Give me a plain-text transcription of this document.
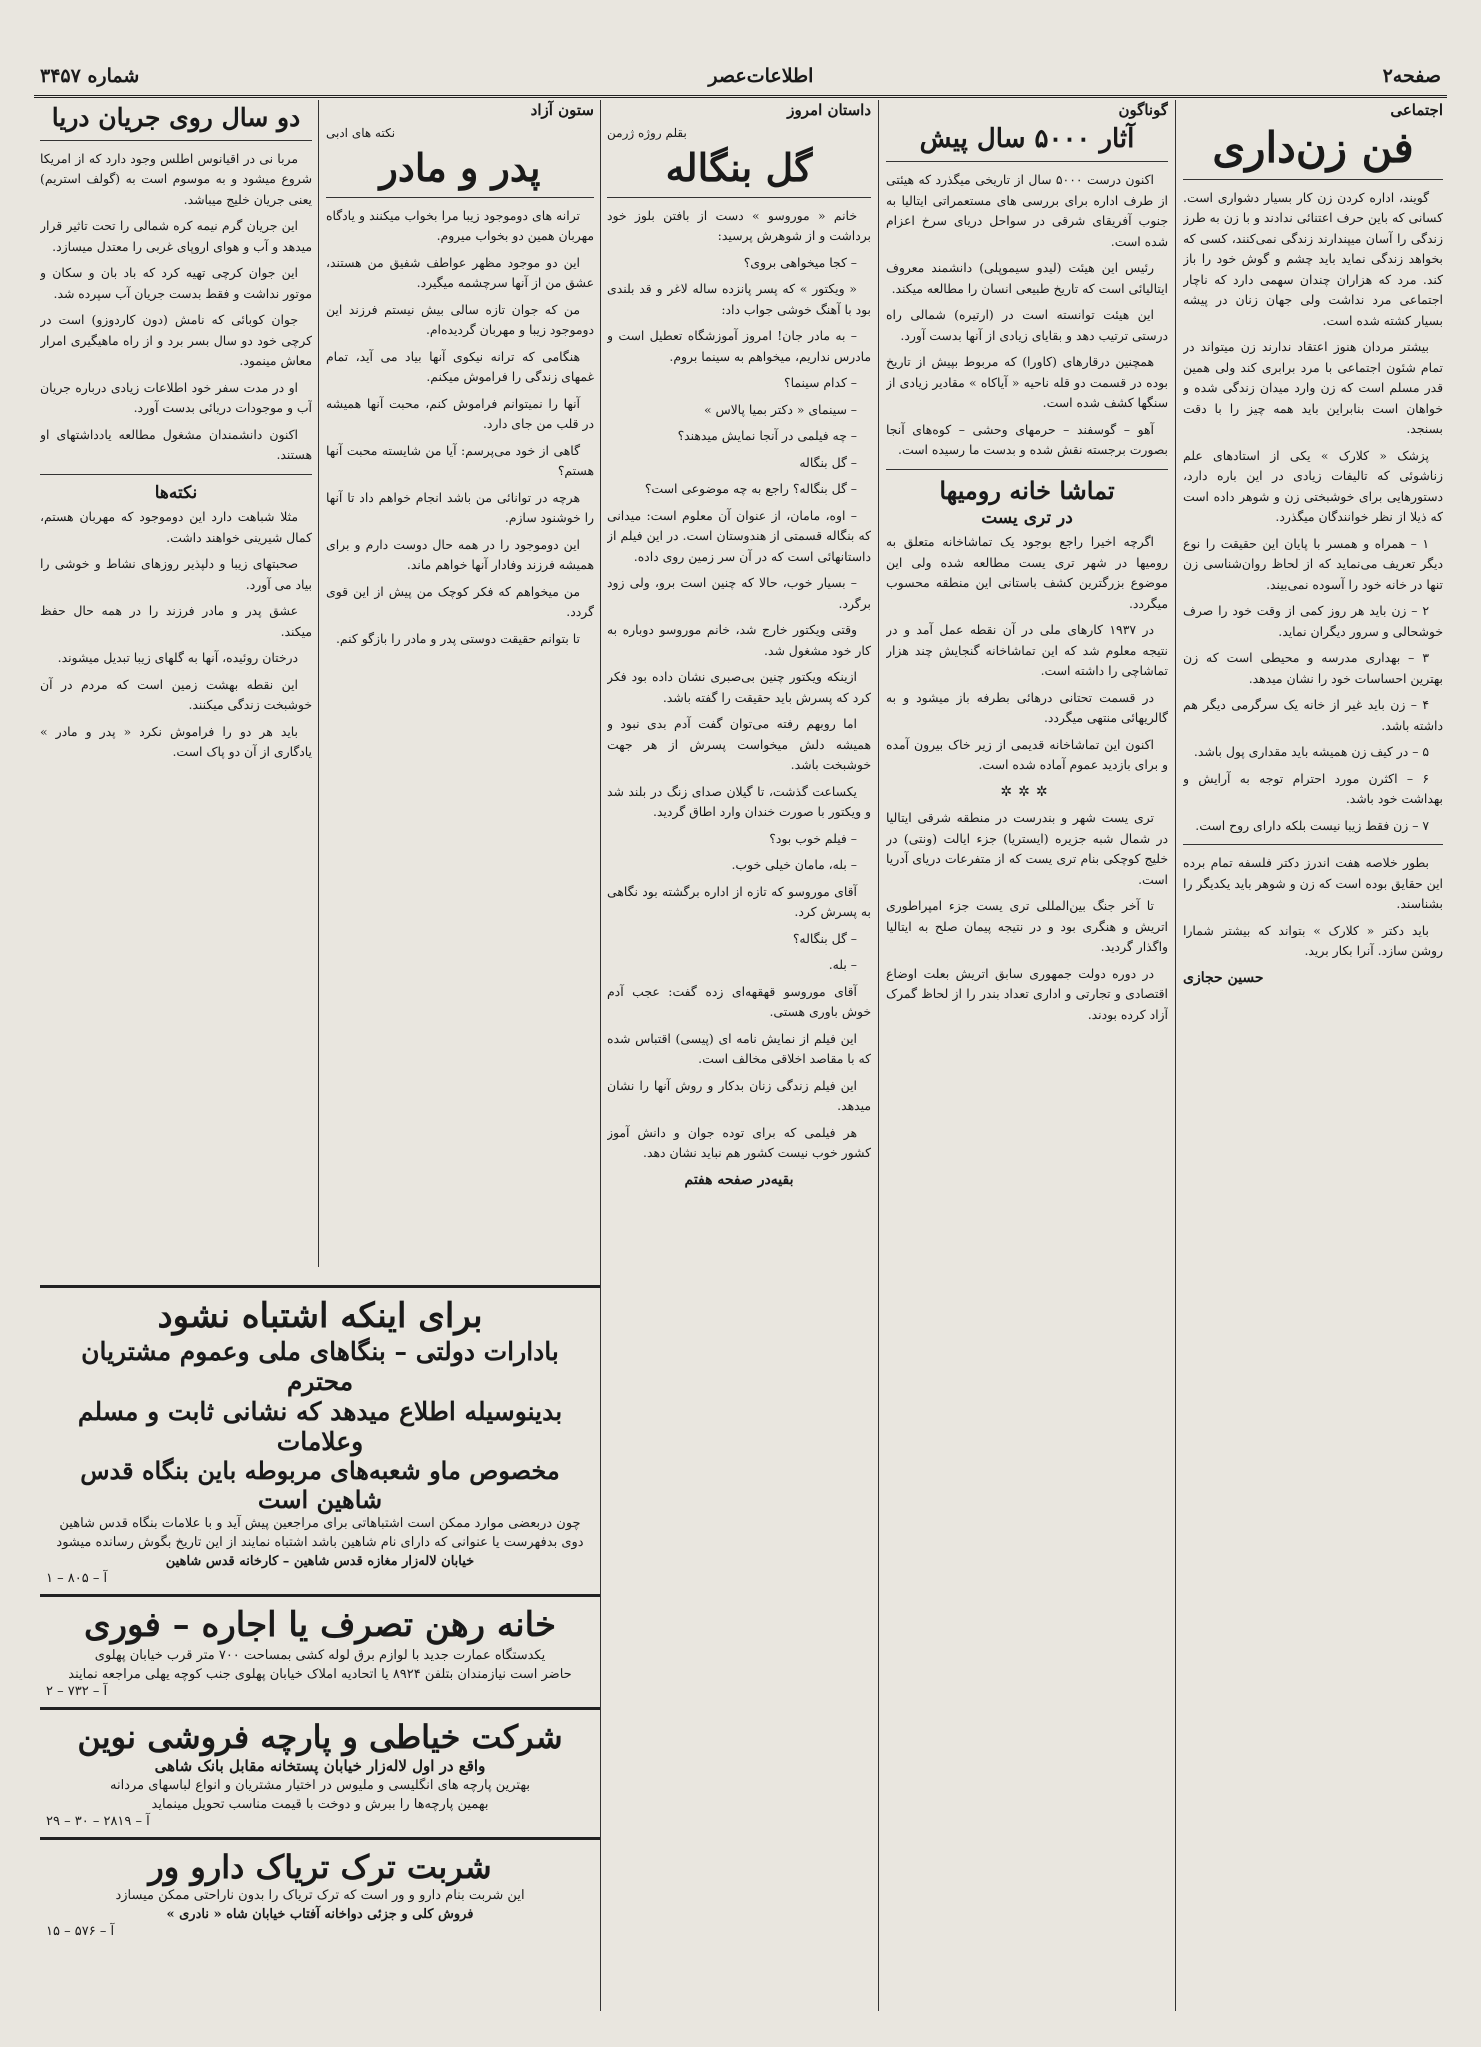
صفحه۲
اطلاعات‌عصر
شماره ۳۴۵۷
اجتماعی
فن زن‌داری

گویند، اداره کردن زن کار بسیار دشواری است. کسانی که باین حرف اعتنائی ندادند و با زن به طرز زندگی را آسان میپندارند زندگی نمی‌کنند، کسی که بخواهد زندگی نماید باید چشم و گوش خود را باز کند. مرد که هزاران چندان سهمی دارد که ناچار اجتماعی مرد نداشت ولی جهان زنان در پیشه بسیار کشته شده است.

بیشتر مردان هنوز اعتقاد ندارند زن میتواند در تمام شئون اجتماعی با مرد برابری کند ولی همین قدر مسلم است که زن وارد میدان زندگی شده و خواهان است بنابراین باید همه چیز را با دقت بسنجد.

پزشک « کلارک » یکی از استادهای علم زناشوئی که تالیفات زیادی در این باره دارد، دستورهایی برای خوشبختی زن و شوهر داده است که ذیلا از نظر خوانندگان میگذرد.

۱ – همراه و همسر با پایان این حقیقت را نوع دیگر تعریف می‌نماید که از لحاظ روان‌شناسی زن تنها در خانه خود را آسوده نمی‌بیند.

۲ – زن باید هر روز کمی از وقت خود را صرف خوشحالی و سرور دیگران نماید.

۳ – بهداری مدرسه و محیطی است که زن بهترین احساسات خود را نشان میدهد.

۴ – زن باید غیر از خانه یک سرگرمی دیگر هم داشته باشد.

۵ – در کیف زن همیشه باید مقداری پول باشد.

۶ – اکثرن مورد احترام توجه به آرایش و بهداشت خود باشد.

۷ – زن فقط زیبا نیست بلکه دارای روح است.

بطور خلاصه هفت اندرز دکتر فلسفه تمام برده این حقایق بوده است که زن و شوهر باید یکدیگر را بشناسند.

باید دکتر « کلارک » بتواند که بیشتر شمارا روشن سازد. آنرا بکار برید.

حسین حجازی
گوناگون
آثار ۵۰۰۰ سال پیش

اکنون درست ۵۰۰۰ سال از تاریخی میگذرد که هیئتی از طرف اداره برای بررسی های مستعمراتی ایتالیا به جنوب آفریقای شرقی در سواحل دریای سرخ اعزام شده است.

رئیس این هیئت (لیدو سیموپلی) دانشمند معروف ایتالیائی است که تاریخ طبیعی انسان را مطالعه میکند.

این هیئت توانسته است در (ارتیره) شمالی راه درستی ترتیب دهد و بقایای زیادی از آنها بدست آورد.

همچنین درقارهای (کاورا) که مربوط بپیش از تاریخ بوده در قسمت دو قله ناحیه « آیاکاه » مقادیر زیادی از سنگها کشف شده است.

آهو – گوسفند – حرمهای وحشی – کوه‌های آنجا بصورت برجسته نقش شده و بدست ما رسیده است.

تماشا خانه رومیها
در تری یست

اگرچه اخیرا راجع بوجود یک تماشاخانه متعلق به رومیها در شهر تری یست مطالعه شده ولی این موضوع بزرگترین کشف باستانی این منطقه محسوب میگردد.

در ۱۹۳۷ کارهای ملی در آن نقطه عمل آمد و در نتیجه معلوم شد که این تماشاخانه گنجایش چند هزار تماشاچی را داشته است.

در قسمت تحتانی درهائی بطرفه باز میشود و به گالریهائی منتهی میگردد.

اکنون این تماشاخانه قدیمی از زیر خاک بیرون آمده و برای بازدید عموم آماده شده است.

✲✲✲

تری یست شهر و بندرست در منطقه شرقی ایتالیا در شمال شبه جزیره (ایستریا) جزء ایالت (ونتی) در خلیج کوچکی بنام تری یست که از متفرعات دریای آدریا است.

تا آخر جنگ بین‌المللی تری یست جزء امپراطوری اتریش و هنگری بود و در نتیجه پیمان صلح به ایتالیا واگذار گردید.

در دوره دولت جمهوری سابق اتریش بعلت اوضاع اقتصادی و تجارتی و اداری تعداد بندر را از لحاظ گمرک آزاد کرده بودند.

داستان امروز
بقلم روژه ژرمن
گل بنگاله

خانم « موروسو » دست از بافتن بلوز خود برداشت و از شوهرش پرسید:

– کجا میخواهی بروی؟

« ویکتور » که پسر پانزده ساله لاغر و قد بلندی بود با آهنگ خوشی جواب داد:

– به مادر جان! امروز آموزشگاه تعطیل است و مادرس نداریم، میخواهم به سینما بروم.

– کدام سینما؟

– سینمای « دکتر بمیا پالاس »

– چه فیلمی در آنجا نمایش میدهند؟

– گل بنگاله

– گل بنگاله؟ راجع به چه موضوعی است؟

– اوه، مامان، از عنوان آن معلوم است: میدانی که بنگاله قسمتی از هندوستان است. در این فیلم از داستانهائی است که در آن سر زمین روی داده.

– بسیار خوب، حالا که چنین است برو، ولی زود برگرد.

وقتی ویکتور خارج شد، خانم موروسو دوباره به کار خود مشغول شد.

ازینکه ویکتور چنین بی‌صبری نشان داده بود فکر کرد که پسرش باید حقیقت را گفته باشد.

اما روبهم رفته می‌توان گفت آدم بدی نبود و همیشه دلش میخواست پسرش از هر جهت خوشبخت باشد.

یکساعت گذشت، تا گیلان صدای زنگ در بلند شد و ویکتور با صورت خندان وارد اطاق گردید.

– فیلم خوب بود؟

– بله، مامان خیلی خوب.

آقای موروسو که تازه از اداره برگشته بود نگاهی به پسرش کرد.

– گل بنگاله؟

– بله.

آقای موروسو قهقهه‌ای زده گفت: عجب آدم خوش باوری هستی.

این فیلم از نمایش نامه ای (پیسی) اقتباس شده که با مقاصد اخلاقی مخالف است.

این فیلم زندگی زنان بدکار و روش آنها را نشان میدهد.

هر فیلمی که برای توده جوان و دانش آموز کشور خوب نیست کشور هم نباید نشان دهد.

بقیه‌در صفحه هفتم
ستون آزاد
نکته های ادبی
پدر و مادر

ترانه های دوموجود زیبا مرا بخواب میکنند و یادگاه مهربان همین دو بخواب میروم.

این دو موجود مظهر عواطف شفیق من هستند، عشق من از آنها سرچشمه میگیرد.

من که جوان تازه سالی بیش نیستم فرزند این دوموجود زیبا و مهربان گردیده‌ام.

هنگامی که ترانه نیکوی آنها بیاد می آید، تمام غمهای زندگی را فراموش میکنم.

آنها را نمیتوانم فراموش کنم، محبت آنها همیشه در قلب من جای دارد.

گاهی از خود می‌پرسم: آیا من شایسته محبت آنها هستم؟

هرچه در توانائی من باشد انجام خواهم داد تا آنها را خوشنود سازم.

این دوموجود را در همه حال دوست دارم و برای همیشه فرزند وفادار آنها خواهم ماند.

من میخواهم که فکر کوچک من پیش از این قوی گردد.

تا بتوانم حقیقت دوستی پدر و مادر را بازگو کنم.

دو سال روی جریان دریا

مربا نی در اقیانوس اطلس وجود دارد که از امریکا شروع میشود و به موسوم است به (گولف استریم) یعنی جریان خلیج میباشد.

این جریان گرم نیمه کره شمالی را تحت تاثیر قرار میدهد و آب و هوای اروپای غربی را معتدل میسازد.

این جوان کرچی تهیه کرد که باد بان و سکان و موتور نداشت و فقط بدست جریان آب سپرده شد.

جوان کوبائی که نامش (دون کاردوزو) است در کرچی خود دو سال بسر برد و از راه ماهیگیری امرار معاش مینمود.

او در مدت سفر خود اطلاعات زیادی درباره جریان آب و موجودات دریائی بدست آورد.

اکنون دانشمندان مشغول مطالعه یادداشتهای او هستند.

نکته‌ها

مثلا شباهت دارد این دوموجود که مهربان هستم، کمال شیرینی خواهند داشت.

صحبتهای زیبا و دلپذیر روزهای نشاط و خوشی را بیاد می آورد.

عشق پدر و مادر فرزند را در همه حال حفظ میکند.

درختان روئیده، آنها به گلهای زیبا تبدیل میشوند.

این نقطه بهشت زمین است که مردم در آن خوشبخت زندگی میکنند.

باید هر دو را فراموش نکرد « پدر و مادر » یادگاری از آن دو پاک است.

برای اینکه اشتباه نشود
بادارات دولتی – بنگاهای ملی وعموم مشتریان محترم
بدینوسیله اطلاع میدهد که نشانی ثابت و مسلم وعلامات
مخصوص ماو شعبه‌های مربوطه باین بنگاه قدس شاهین است
چون دربعضی موارد ممکن است اشتباهاتی برای مراجعین پیش آید و با علامات بنگاه قدس شاهین
دوی بدفهرست یا عنوانی که دارای نام شاهین باشد اشتباه نمایند از این تاریخ بگوش رسانده میشود
خیابان لاله‌زار مغازه قدس شاهین – کارخانه قدس شاهین
آ – ۸۰۵ – ۱
خانه رهن تصرف یا اجاره – فوری
یکدستگاه عمارت جدید با لوازم برق لوله کشی بمساحت ۷۰۰ متر قرب خیابان پهلوی
حاضر است نیازمندان بتلفن ۸۹۲۴ یا اتحادیه املاک خیابان پهلوی جنب کوچه یهلی مراجعه نمایند
آ – ۷۳۲ – ۲
شرکت خیاطی و پارچه فروشی نوین
واقع در اول لاله‌زار خیابان پستخانه مقابل بانک شاهی
بهترین پارچه های انگلیسی و ملیوس در اختیار مشتریان و انواع لباسهای مردانه
بهمین پارچه‌ها را ببرش و دوخت با قیمت مناسب تحویل مینماید
آ – ۲۸۱۹ – ۳۰ – ۲۹
شربت ترک تریاک دارو ور
این شربت بنام دارو و ور است که ترک تریاک را بدون ناراحتی ممکن میسازد
فروش کلی و جزئی دواخانه آفتاب خیابان شاه « نادری »
آ – ۵۷۶ – ۱۵
